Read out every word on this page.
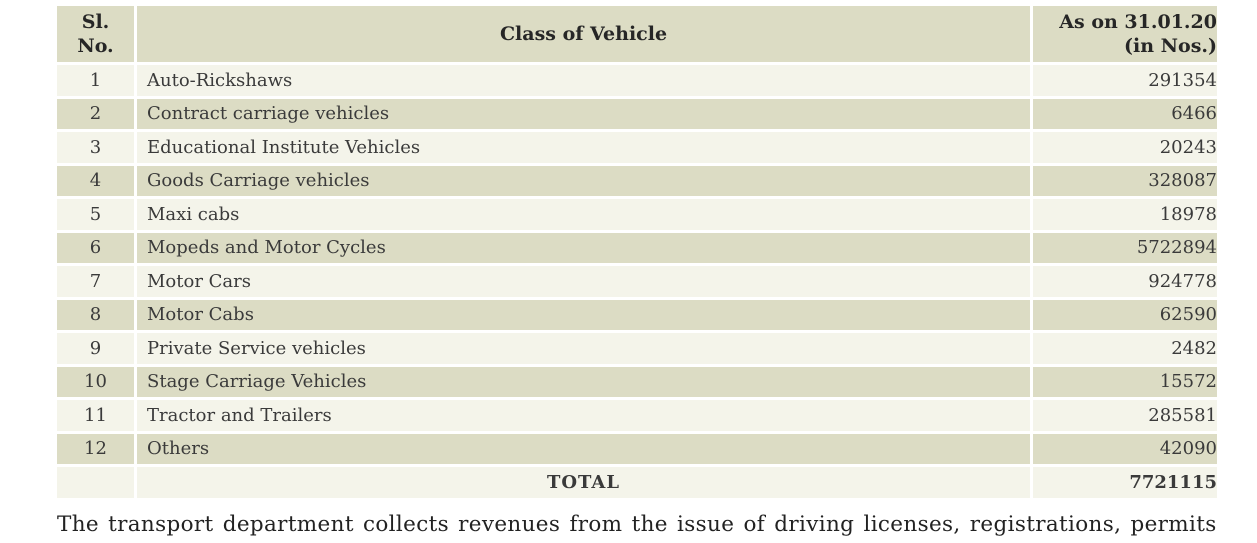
Sl.
No.	Class of Vehicle	As on 31.01.20
(in Nos.)
1	Auto-Rickshaws	291354
2	Contract carriage vehicles	6466
3	Educational Institute Vehicles	20243
4	Goods Carriage vehicles	328087
5	Maxi cabs	18978
6	Mopeds and Motor Cycles	5722894
7	Motor Cars	924778
8	Motor Cabs	62590
9	Private Service vehicles	2482
10	Stage Carriage Vehicles	15572
11	Tractor and Trailers	285581
12	Others	42090
	TOTAL	7721115
The transport department collects revenues from the issue of driving licenses, registrations, permits
